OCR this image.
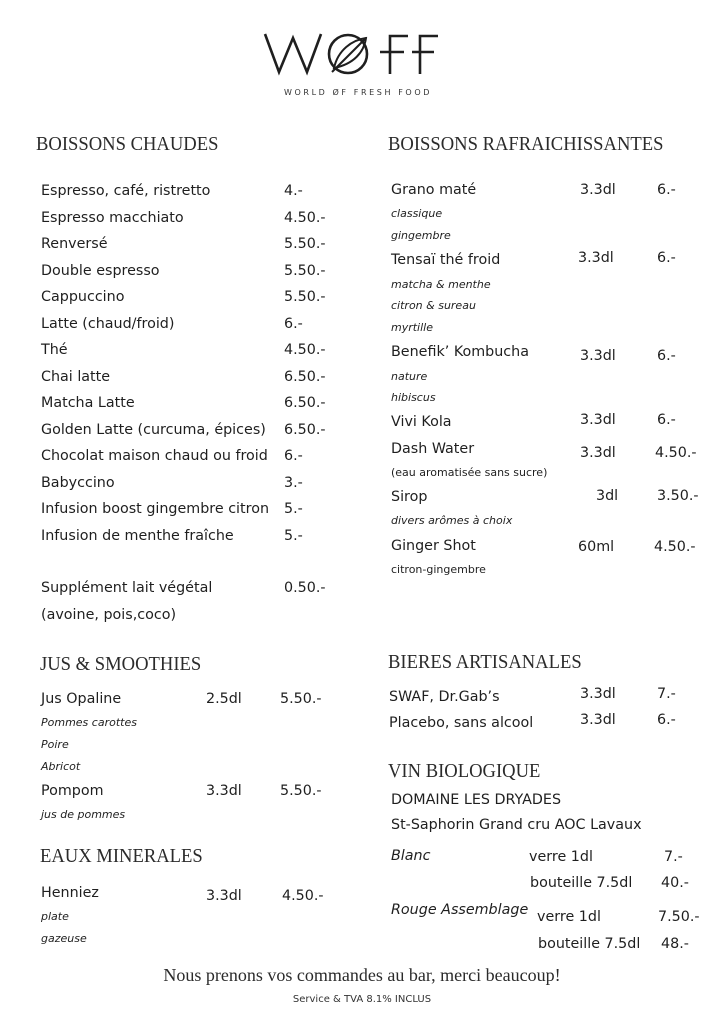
WORLD ØF FRESH FOOD
BOISSONS CHAUDES
Espresso, café, ristretto	4.-
Espresso macchiato	4.50.-
Renversé	5.50.-
Double espresso	5.50.-
Cappuccino	5.50.-
Latte (chaud/froid)	6.-
Thé	4.50.-
Chai latte	6.50.-
Matcha Latte	6.50.-
Golden Latte (curcuma, épices) 6.50.-
Chocolat maison chaud ou froid 6.-
Babyccino	3.-
Infusion boost gingembre citron 5.-
Infusion de menthe fraîche	5.-
Supplément lait végétal	0.50.-
(avoine, pois,coco)
BOISSONS RAFRAICHISSANTES
Grano maté	3.3dl	6.-
classique
gingembre
Tensaï thé froid	3.3dl	6.-
matcha & menthe
citron & sureau
myrtille
Benefik’ Kombucha	3.3dl	6.-
nature
hibiscus
Vivi Kola	3.3dl	6.-
Dash Water	3.3dl	4.50.-
(eau aromatisée sans sucre)
Sirop	3dl	3.50.-
divers arômes à choix
Ginger Shot	60ml	4.50.-
citron-gingembre
JUS & SMOOTHIES
Jus Opaline	2.5dl	5.50.-
Pommes carottes
Poire
Abricot
Pompom	3.3dl	5.50.-
jus de pommes
EAUX MINERALES
Henniez	3.3dl	4.50.-
plate
gazeuse
BIERES ARTISANALES
SWAF, Dr.Gab’s	3.3dl	7.-
Placebo, sans alcool	3.3dl	6.-
VIN BIOLOGIQUE
DOMAINE LES DRYADES
St-Saphorin Grand cru AOC Lavaux
Blanc	verre 1dl	7.-
bouteille 7.5dl 40.-
Rouge Assemblage verre 1dl	7.50.-
bouteille 7.5dl 48.-
Nous prenons vos commandes au bar, merci beaucoup!
Service & TVA 8.1% INCLUS
